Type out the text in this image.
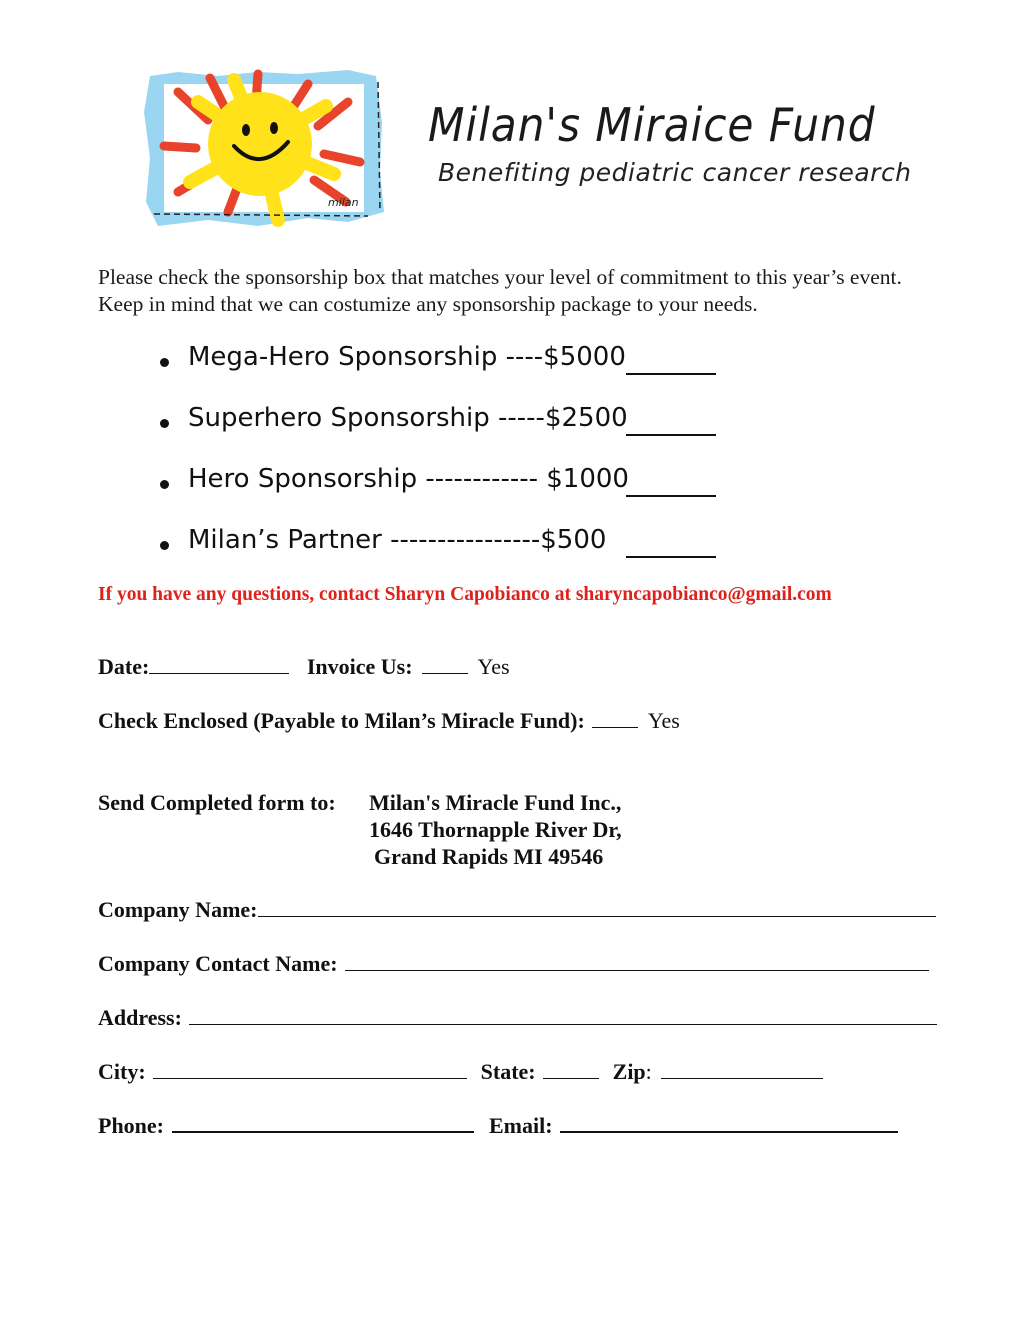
milan
Milan's Miraice Fund
Benefiting pediatric cancer research
Please check the sponsorship box that matches your level of commitment to this year’s event. Keep in mind that we can costumize any sponsorship package to your needs.
Mega-Hero Sponsorship ----$5000
Superhero Sponsorship -----$2500
Hero Sponsorship ------------ $1000
Milan’s Partner ----------------$500
If you have any questions, contact Sharyn Capobianco at sharyncapobianco@gmail.com
Date:	Invoice Us:	Yes
Check Enclosed (Payable to Milan’s Miracle Fund):	Yes
Send Completed form to: Milan's Miracle Fund Inc.,
1646 Thornapple River Dr,
Grand Rapids MI 49546
Company Name:
Company Contact Name:
Address:
City:	State:	Zip:
Phone:	Email:
